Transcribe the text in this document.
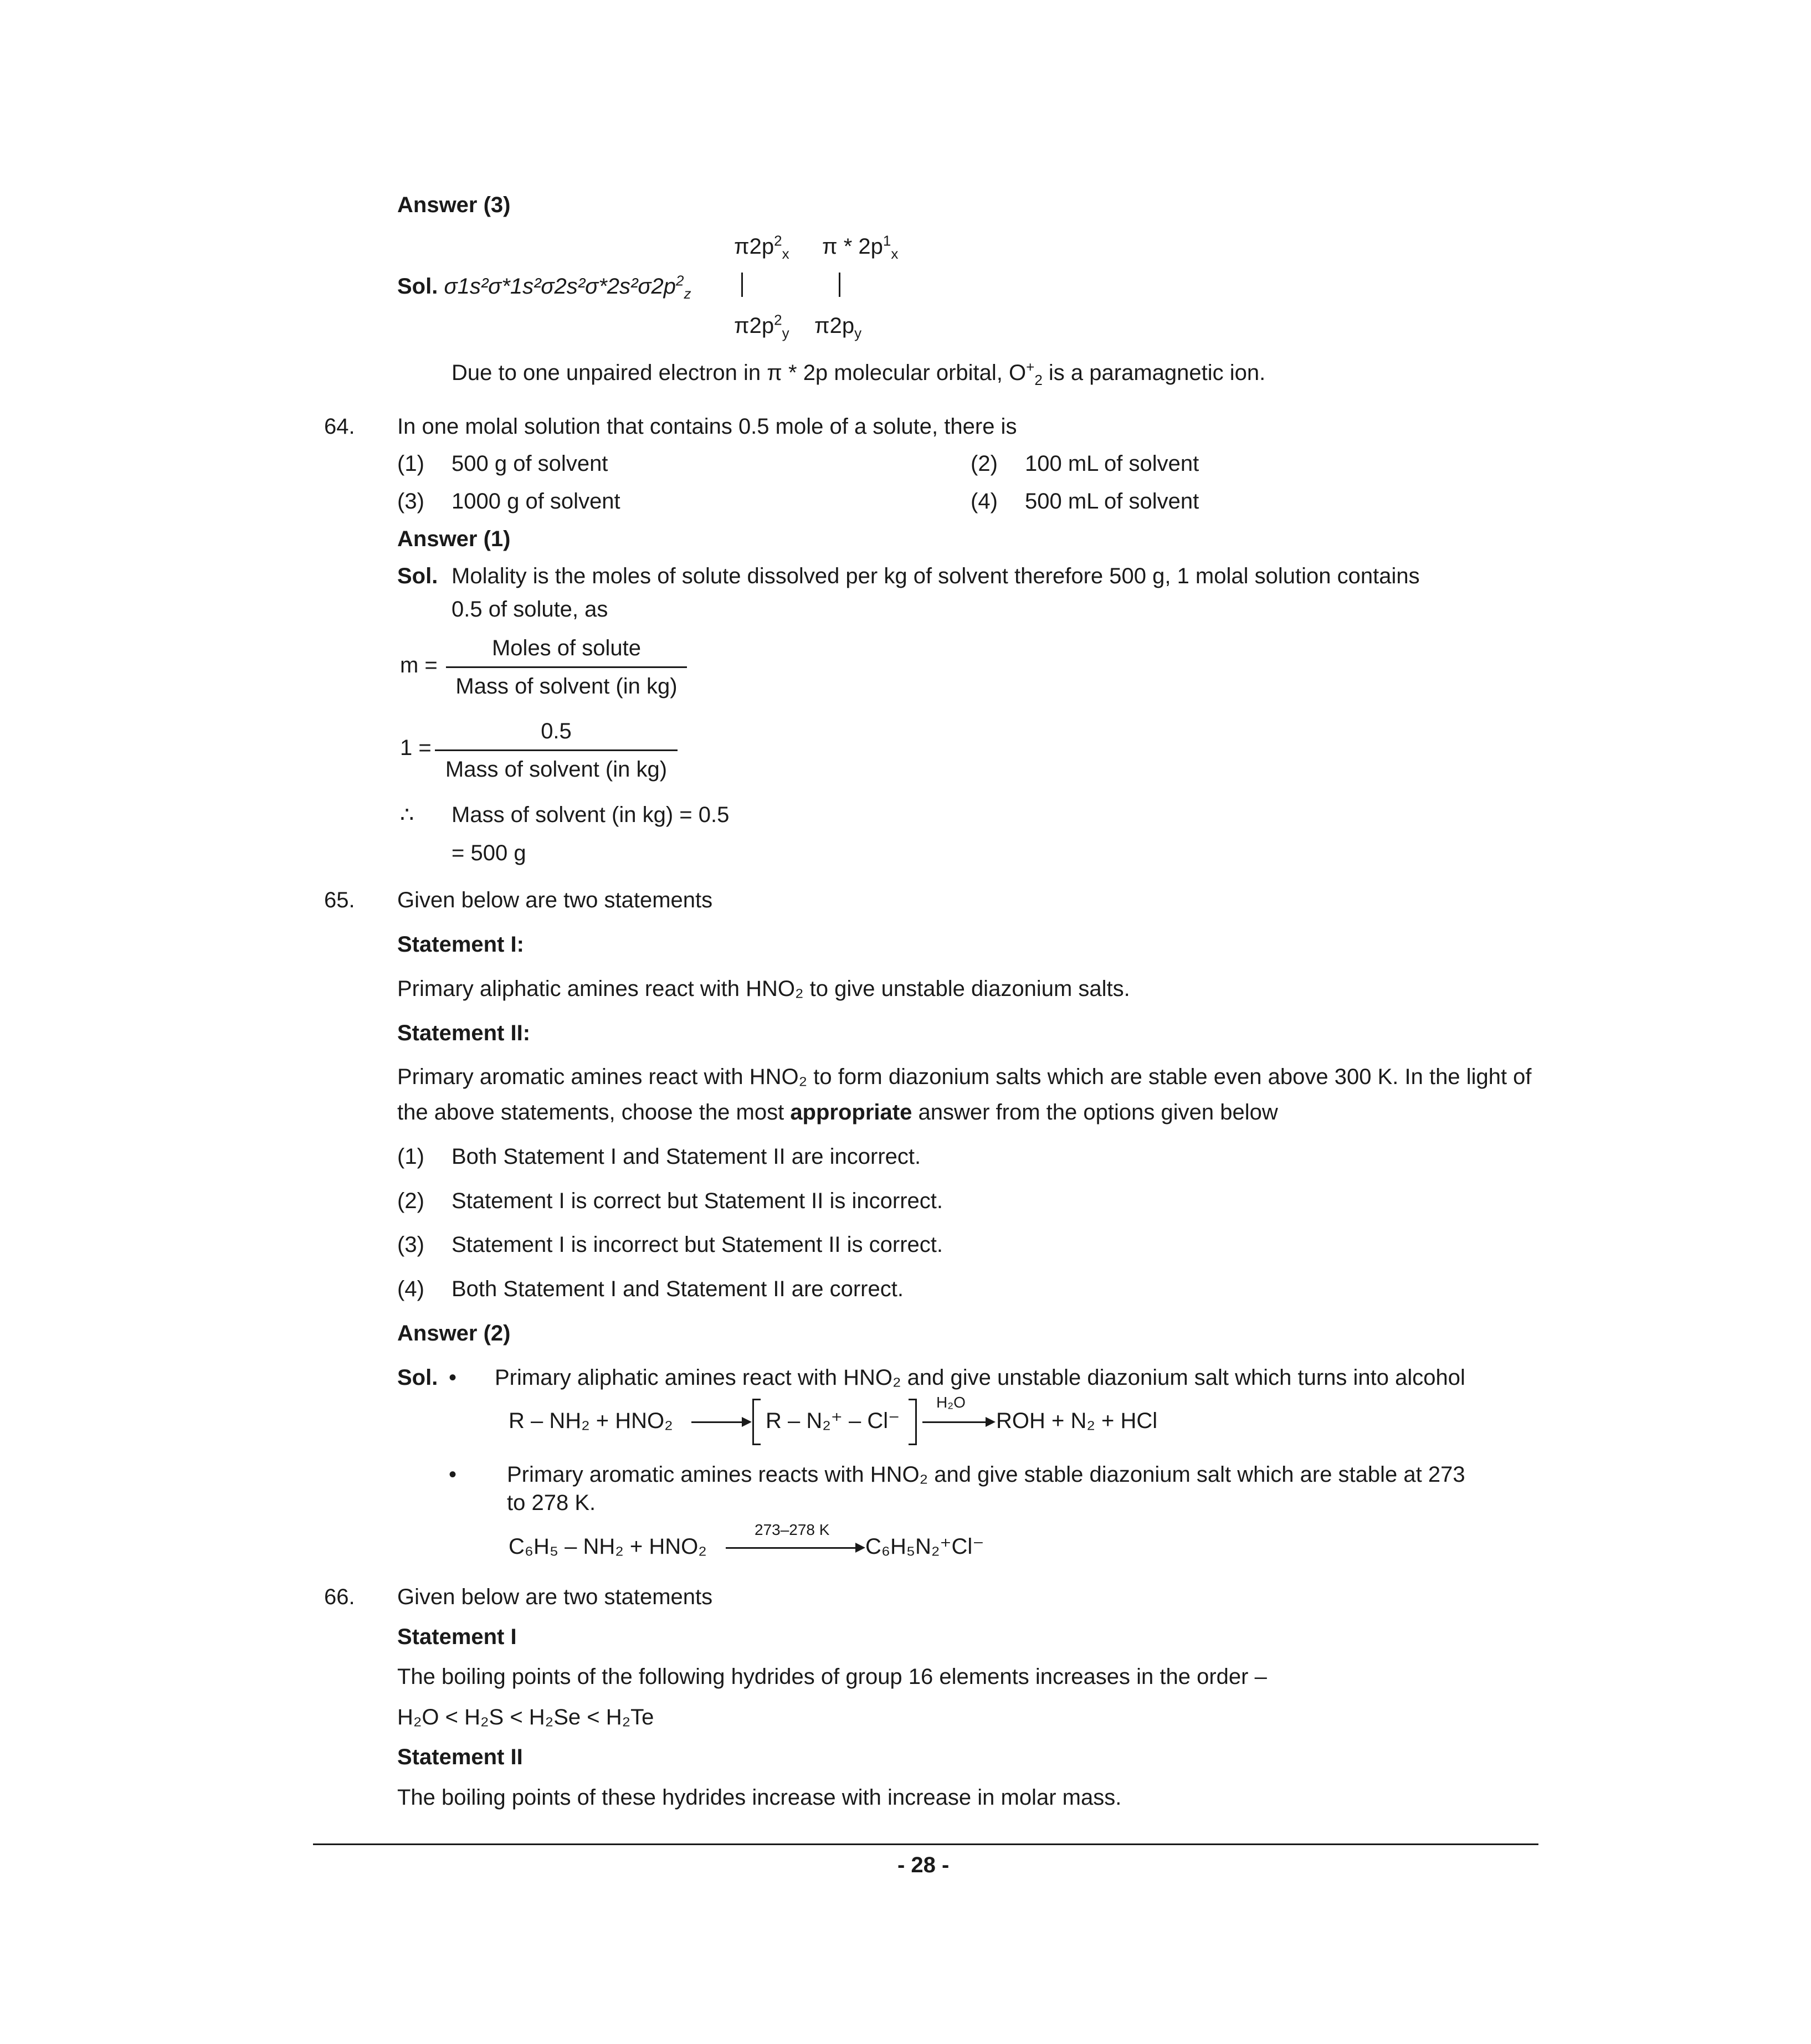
Answer (3)
$\pi 2p^2_x$ π * $2p^1_x$
Sol. $\sigma 1s^2\sigma*1s^2\sigma 2s^2\sigma*2s^2\sigma 2p^2_z$
$\pi 2p^2_y$ $\pi 2p_y$
Due to one unpaired electron in π * 2p molecular orbital, $O^+_2$ is a paramagnetic ion.
64. In one molal solution that contains 0.5 mole of a solute, there is
(1) 500 g of solvent	(2) 100 mL of solvent
(3) 1000 g of solvent	(4) 500 mL of solvent
Answer (1)
Sol. Molality is the moles of solute dissolved per kg of solvent therefore 500 g, 1 molal solution contains
0.5 of solute, as
m =
Moles of solute
Mass of solvent (in kg)
1 =
0.5
Mass of solvent (in kg)
∴ Mass of solvent (in kg) = 0.5
= 500 g
65. Given below are two statements
Statement I:
Primary aliphatic amines react with HNO₂ to give unstable diazonium salts.
Statement II:
Primary aromatic amines react with HNO₂ to form diazonium salts which are stable even above 300 K. In the light of the above statements, choose the most appropriate answer from the options given below
(1) Both Statement I and Statement II are incorrect.
(2) Statement I is correct but Statement II is incorrect.
(3) Statement I is incorrect but Statement II is correct.
(4) Both Statement I and Statement II are correct.
Answer (2)
Sol. • Primary aliphatic amines react with HNO₂ and give unstable diazonium salt which turns into alcohol
R – NH₂ + HNO₂ → R – N₂⁺ – Cl⁻
H₂O
→ ROH + N₂ + HCl
• Primary aromatic amines reacts with HNO₂ and give stable diazonium salt which are stable at 273
to 278 K.
C₆H₅ – NH₂ + HNO₂
273–278 K
C₆H₅N₂⁺Cl⁻
66. Given below are two statements
Statement I
The boiling points of the following hydrides of group 16 elements increases in the order –
H₂O < H₂S < H₂Se < H₂Te
Statement II
The boiling points of these hydrides increase with increase in molar mass.
- 28 -
